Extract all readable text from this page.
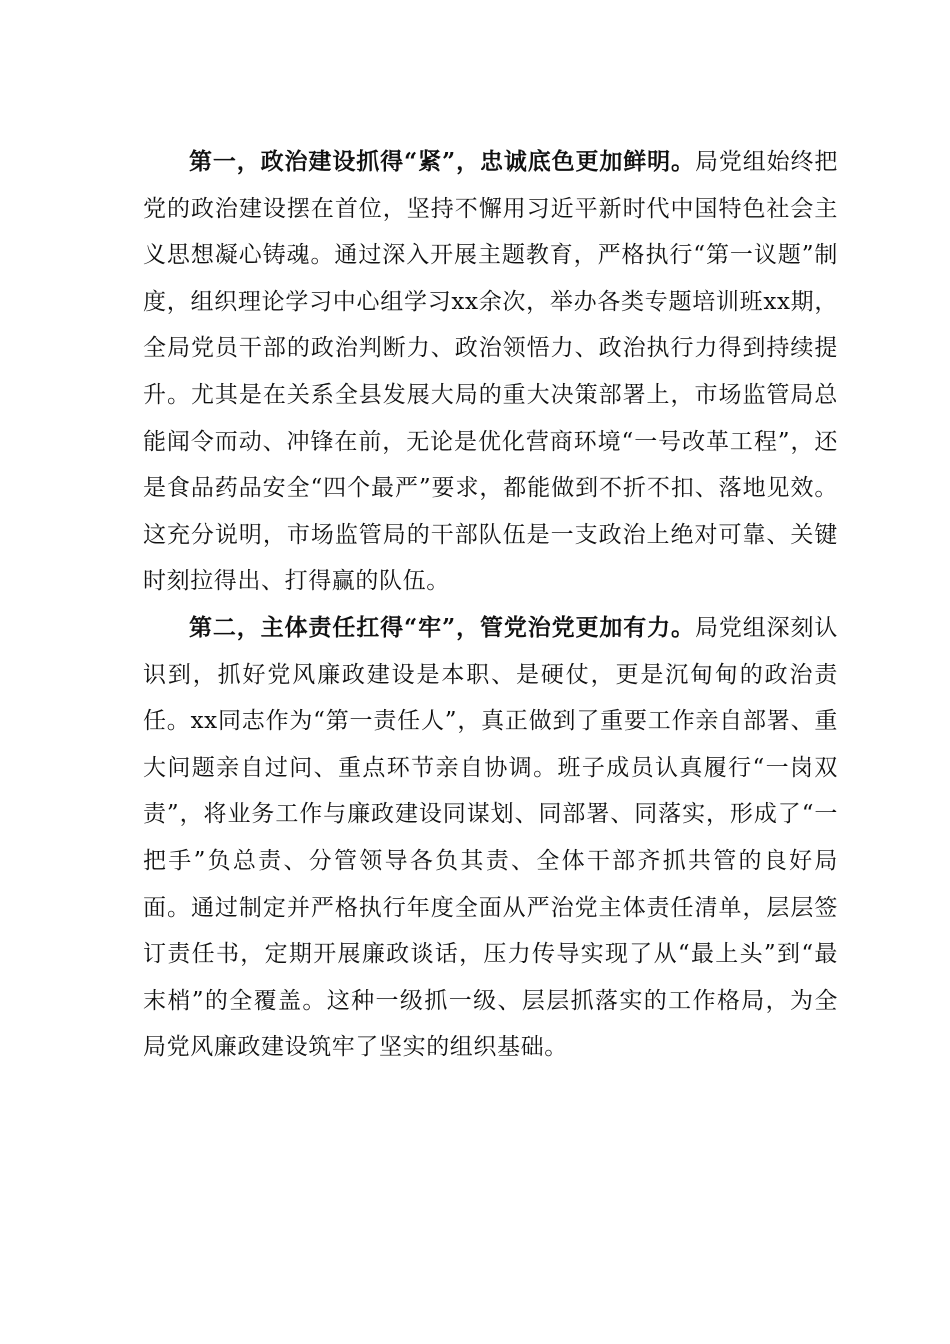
第一，政治建设抓得“紧”，忠诚底色更加鲜明。局党组始终把党的政治建设摆在首位，坚持不懈用习近平新时代中国特色社会主义思想凝心铸魂。通过深入开展主题教育，严格执行“第一议题”制度，组织理论学习中心组学习xx余次，举办各类专题培训班xx期，全局党员干部的政治判断力、政治领悟力、政治执行力得到持续提升。尤其是在关系全县发展大局的重大决策部署上，市场监管局总能闻令而动、冲锋在前，无论是优化营商环境“一号改革工程”，还是食品药品安全“四个最严”要求，都能做到不折不扣、落地见效。这充分说明，市场监管局的干部队伍是一支政治上绝对可靠、关键时刻拉得出、打得赢的队伍。

第二，主体责任扛得“牢”，管党治党更加有力。局党组深刻认识到，抓好党风廉政建设是本职、是硬仗，更是沉甸甸的政治责任。xx同志作为“第一责任人”，真正做到了重要工作亲自部署、重大问题亲自过问、重点环节亲自协调。班子成员认真履行“一岗双责”，将业务工作与廉政建设同谋划、同部署、同落实，形成了“一把手”负总责、分管领导各负其责、全体干部齐抓共管的良好局面。通过制定并严格执行年度全面从严治党主体责任清单，层层签订责任书，定期开展廉政谈话，压力传导实现了从“最上头”到“最末梢”的全覆盖。这种一级抓一级、层层抓落实的工作格局，为全局党风廉政建设筑牢了坚实的组织基础。
